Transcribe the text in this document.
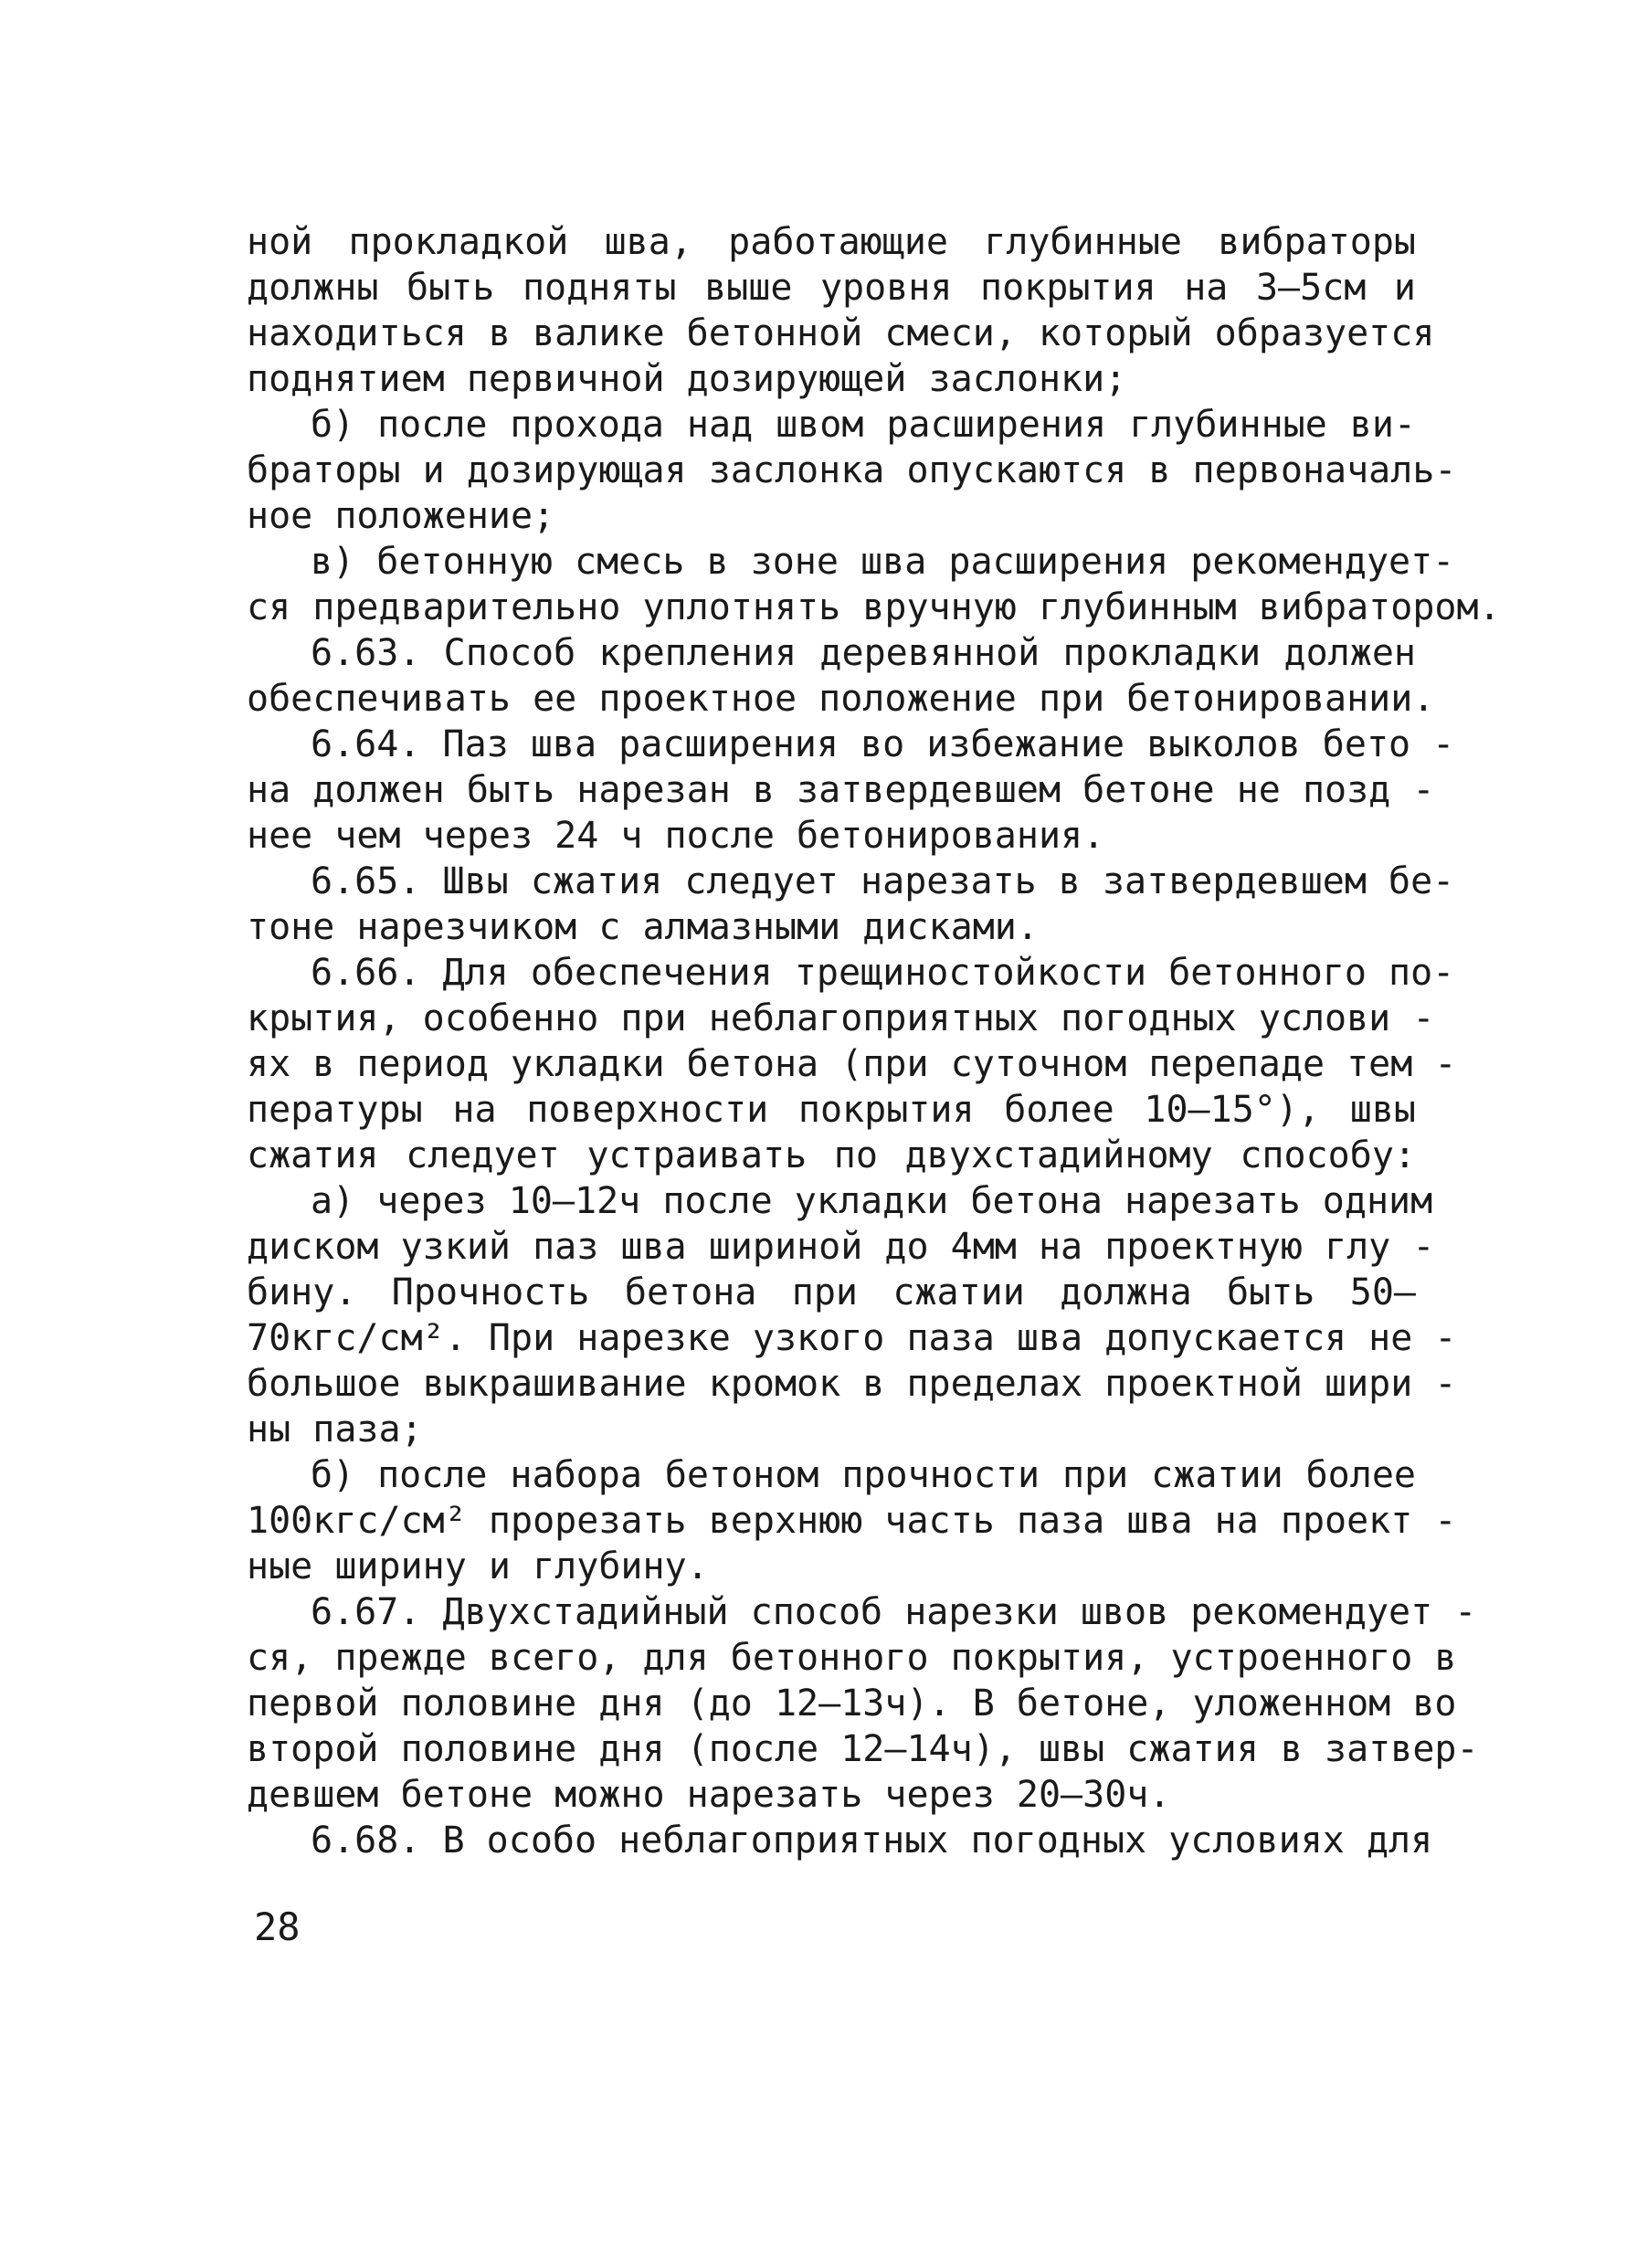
ной прокладкой шва, работающие глубинные вибраторы
должны быть подняты выше уровня покрытия на 3–5см и
находиться в валике бетонной смеси, который образуется
поднятием первичной дозирующей заслонки;
б) после прохода над швом расширения глубинные ви-
браторы и дозирующая заслонка опускаются в первоначаль-
ное положение;
в) бетонную смесь в зоне шва расширения рекомендует-
ся предварительно уплотнять вручную глубинным вибратором.
6.63. Способ крепления деревянной прокладки должен
обеспечивать ее проектное положение при бетонировании.
6.64. Паз шва расширения во избежание выколов бето -
на должен быть нарезан в затвердевшем бетоне не позд -
нее чем через 24 ч после бетонирования.
6.65. Швы сжатия следует нарезать в затвердевшем бе-
тоне нарезчиком с алмазными дисками.
6.66. Для обеспечения трещиностойкости бетонного по-
крытия, особенно при неблагоприятных погодных услови -
ях в период укладки бетона (при суточном перепаде тем -
пературы на поверхности покрытия более 10–15°), швы
сжатия следует устраивать по двухстадийному способу:
а) через 10–12ч после укладки бетона нарезать одним
диском узкий паз шва шириной до 4мм на проектную глу -
бину. Прочность бетона при сжатии должна быть 50–
70кгс/см². При нарезке узкого паза шва допускается не -
большое выкрашивание кромок в пределах проектной шири -
ны паза;
б) после набора бетоном прочности при сжатии более
100кгс/см² прорезать верхнюю часть паза шва на проект -
ные ширину и глубину.
6.67. Двухстадийный способ нарезки швов рекомендует -
ся, прежде всего, для бетонного покрытия, устроенного в
первой половине дня (до 12–13ч). В бетоне, уложенном во
второй половине дня (после 12–14ч), швы сжатия в затвер-
девшем бетоне можно нарезать через 20–30ч.
6.68. В особо неблагоприятных погодных условиях для
28
